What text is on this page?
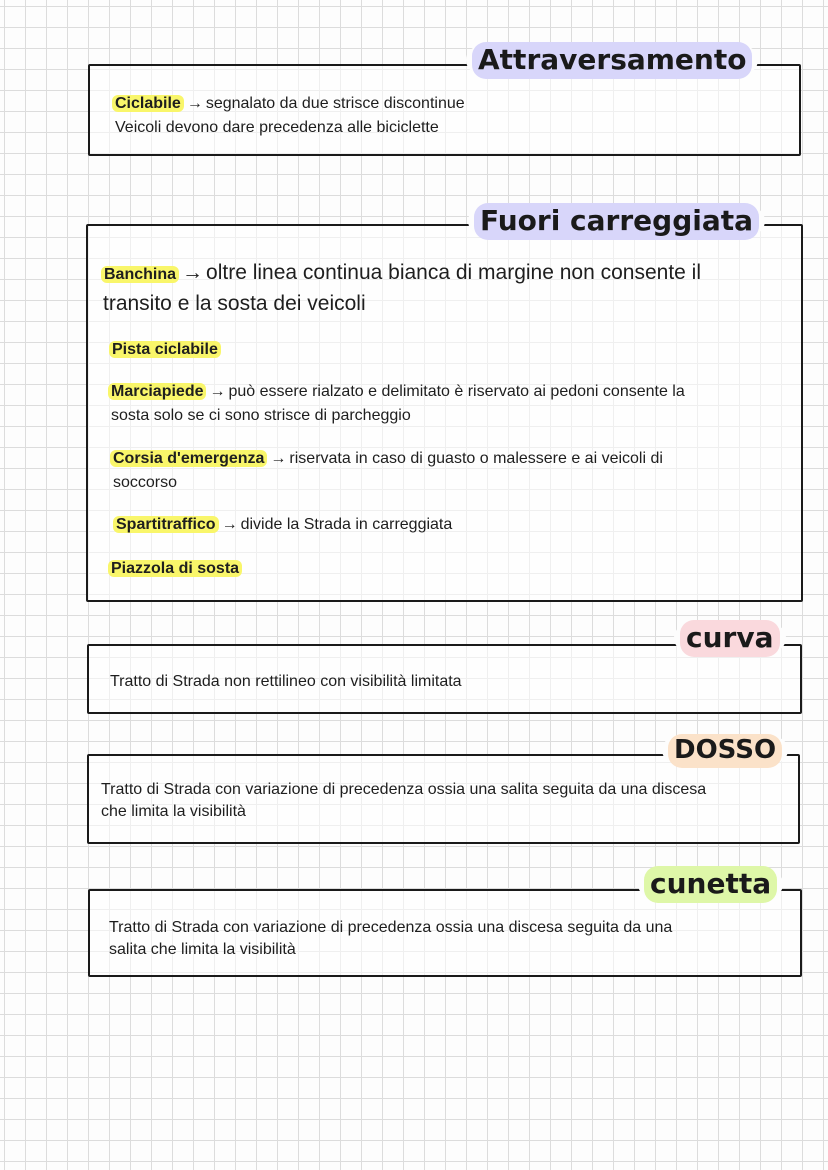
Attraversamento
Ciclabile → segnalato da due strisce discontinue
Veicoli devono dare precedenza alle biciclette
Fuori carreggiata
Banchina → oltre linea continua bianca di margine non consente il
transito e la sosta dei veicoli
Pista ciclabile
Marciapiede → può essere rialzato e delimitato è riservato ai pedoni consente la
sosta solo se ci sono strisce di parcheggio
Corsia d'emergenza → riservata in caso di guasto o malessere e ai veicoli di
soccorso
Spartitraffico → divide la Strada in carreggiata
Piazzola di sosta
curva
Tratto di Strada non rettilineo con visibilità limitata
DOSSO
Tratto di Strada con variazione di precedenza ossia una salita seguita da una discesa
che limita la visibilità
cunetta
Tratto di Strada con variazione di precedenza ossia una discesa seguita da una
salita che limita la visibilità
